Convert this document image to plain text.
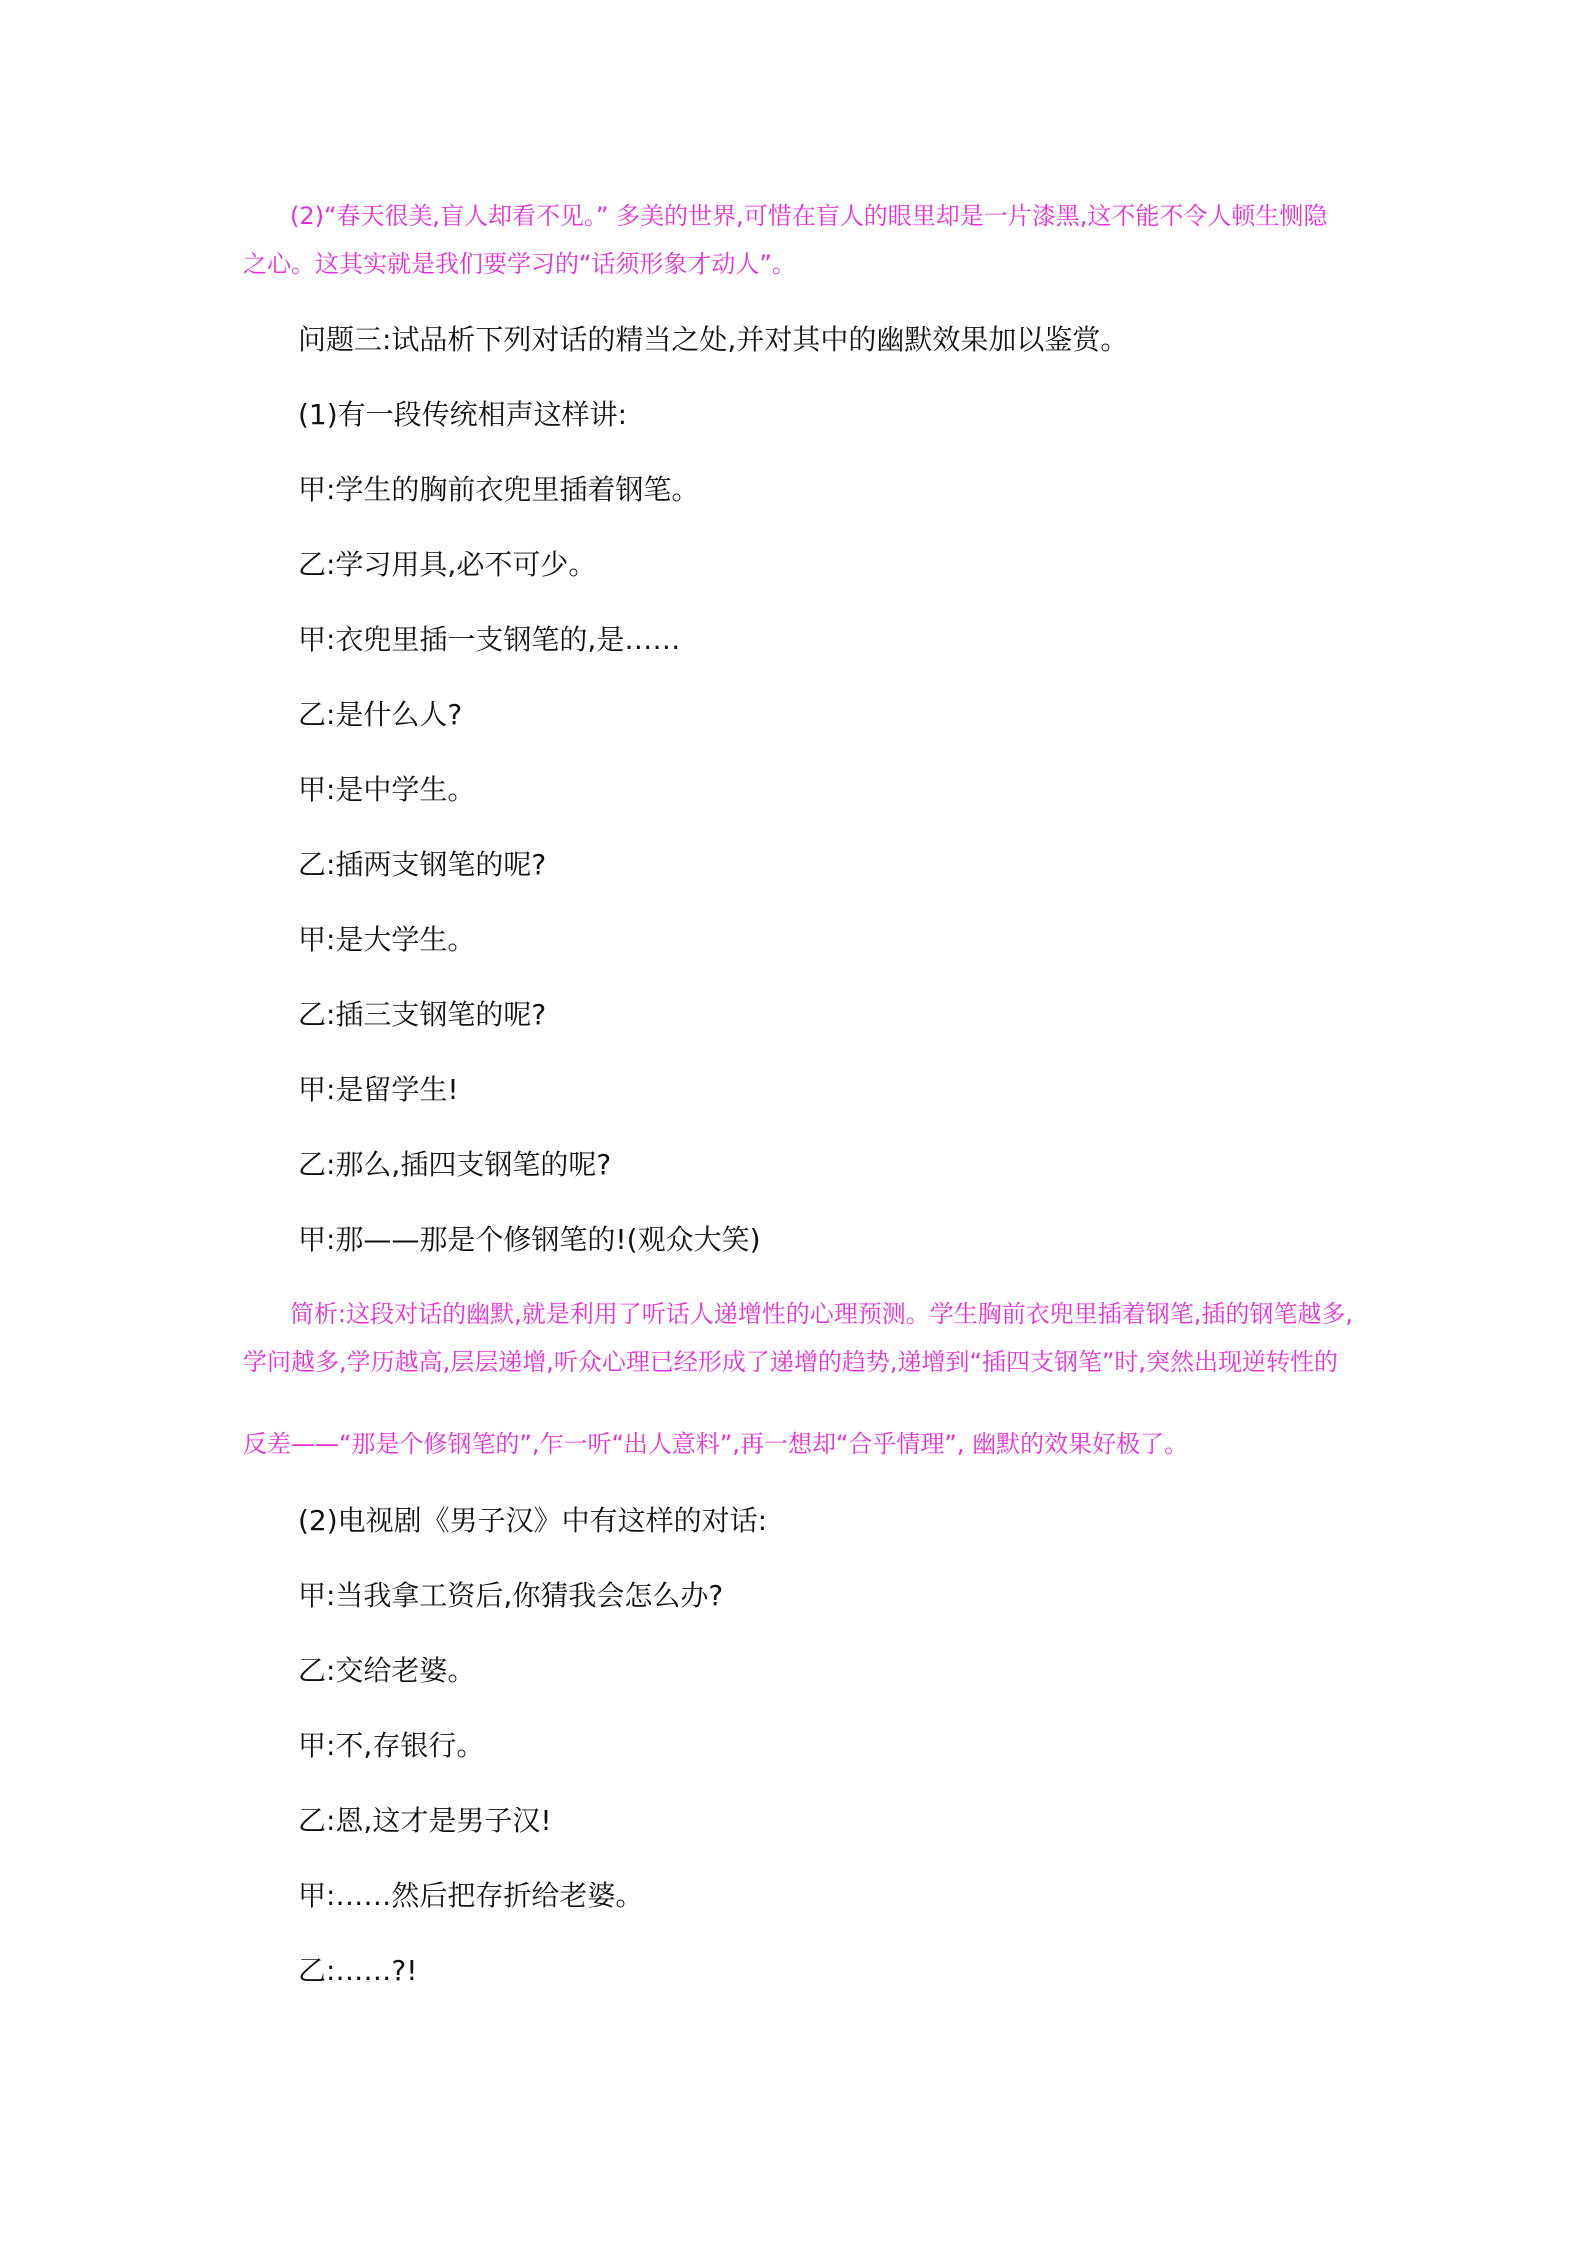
(2)“春天很美,盲人却看不见。” 多美的世界,可惜在盲人的眼里却是一片漆黑,这不能不令人顿生恻隐
之心。这其实就是我们要学习的“话须形象才动人”。
问题三:试品析下列对话的精当之处,并对其中的幽默效果加以鉴赏。
(1)有一段传统相声这样讲:
甲:学生的胸前衣兜里插着钢笔。
乙:学习用具,必不可少。
甲:衣兜里插一支钢笔的,是……
乙:是什么人?
甲:是中学生。
乙:插两支钢笔的呢?
甲:是大学生。
乙:插三支钢笔的呢?
甲:是留学生!
乙:那么,插四支钢笔的呢?
甲:那——那是个修钢笔的!(观众大笑)
简析:这段对话的幽默,就是利用了听话人递增性的心理预测。学生胸前衣兜里插着钢笔,插的钢笔越多,
学问越多,学历越高,层层递增,听众心理已经形成了递增的趋势,递增到“插四支钢笔”时,突然出现逆转性的
反差——“那是个修钢笔的”,乍一听“出人意料”,再一想却“合乎情理”, 幽默的效果好极了。
(2)电视剧《男子汉》中有这样的对话:
甲:当我拿工资后,你猜我会怎么办?
乙:交给老婆。
甲:不,存银行。
乙:恩,这才是男子汉!
甲:……然后把存折给老婆。
乙:……?!
